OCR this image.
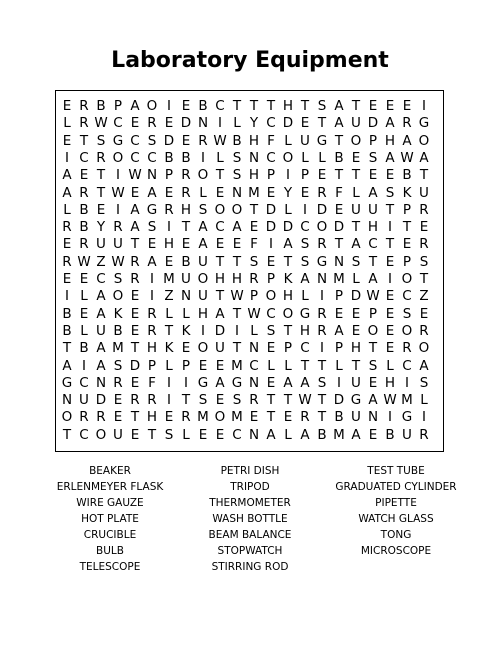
Laboratory Equipment
E R B P A O I E B C T T T H T S A T E E E I
L R W C E R E D N I L Y C D E T A U D A R G
E T S G C S D E R W B H F L U G T O P H A O
I C R O C C B B I L S N C O L L B E S A W A
A E T I W N P R O T S H P I P E T T E E B T
A R T W E A E R L E N M E Y E R F L A S K U
L B E I A G R H S O O T D L I D E U U T P R
R B Y R A S I T A C A E D D C O D T H I T E
E R U U T E H E A E E F I A S R T A C T E R
R W Z W R A E B U T T S E T S G N S T E P S
E E C S R I M U O H H R P K A N M L A I O T
I L A O E I Z N U T W P O H L I P D W E C Z
B E A K E R L L H A T W C O G R E E P E S E
B L U B E R T K I D I L S T H R A E O E O R
T B A M T H K E O U T N E P C I P H T E R O
A I A S D P L P E E M C L L T T L T S L C A
G C N R E F I I G A G N E A A S I U E H I S
N U D E R R I T S E S R T T W T D G A W M L
O R R E T H E R M O M E T E R T B U N I G I
T C O U E T S L E E C N A L A B M A E B U R
BEAKER	PETRI DISH	TEST TUBE
ERLENMEYER FLASK	TRIPOD	GRADUATED CYLINDER
WIRE GAUZE	THERMOMETER	PIPETTE
HOT PLATE	WASH BOTTLE	WATCH GLASS
CRUCIBLE	BEAM BALANCE	TONG
BULB	STOPWATCH	MICROSCOPE
TELESCOPE	STIRRING ROD
